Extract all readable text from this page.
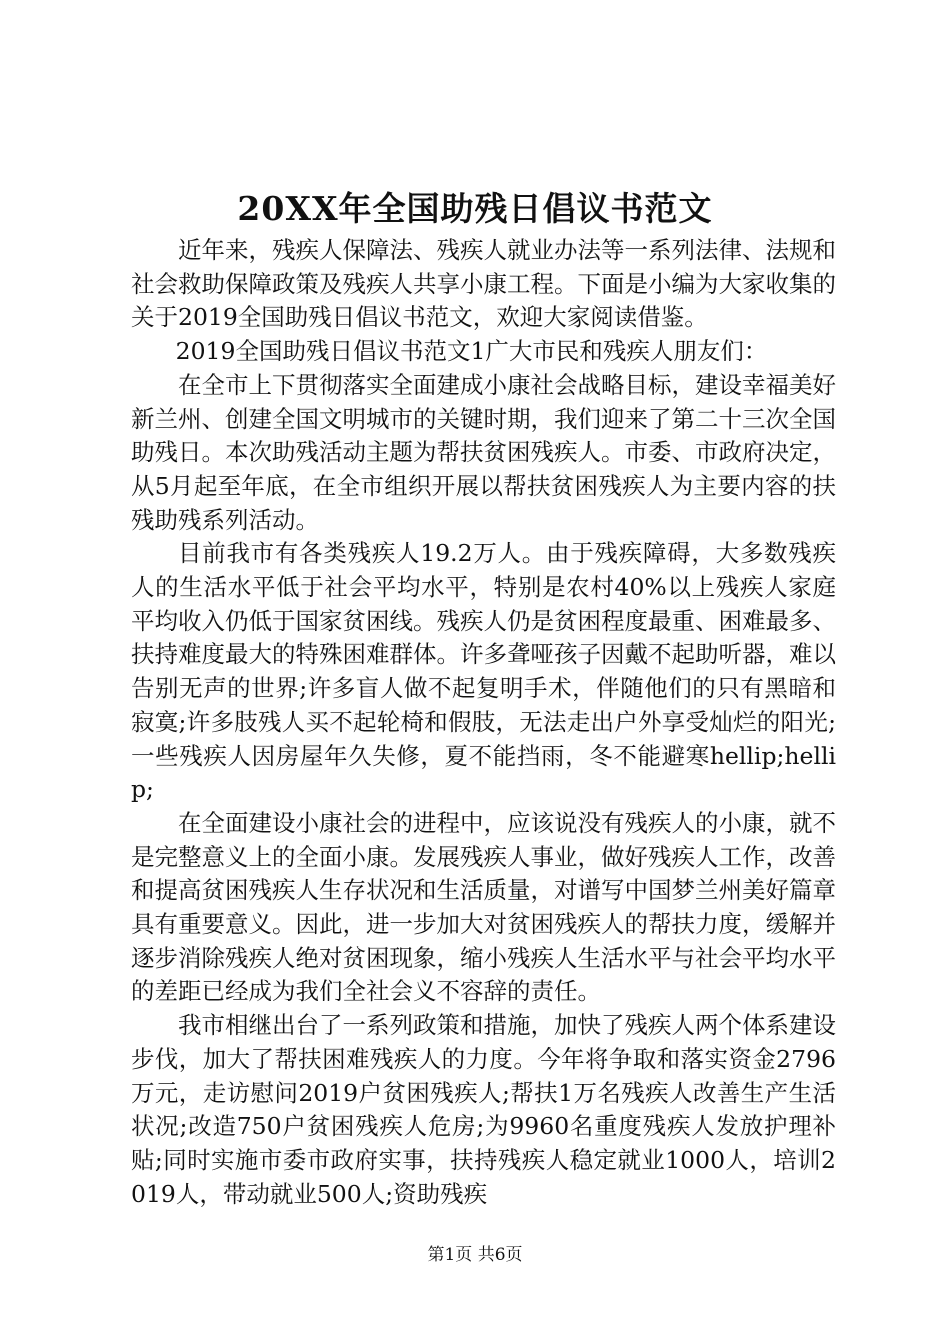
20XX年全国助残日倡议书范文

近年来，残疾人保障法、残疾人就业办法等一系列法律、法规和社会救助保障政策及残疾人共享小康工程。下面是小编为大家收集的关于2019全国助残日倡议书范文，欢迎大家阅读借鉴。

2019全国助残日倡议书范文1广大市民和残疾人朋友们：

在全市上下贯彻落实全面建成小康社会战略目标，建设幸福美好新兰州、创建全国文明城市的关键时期，我们迎来了第二十三次全国助残日。本次助残活动主题为帮扶贫困残疾人。市委、市政府决定，从5月起至年底，在全市组织开展以帮扶贫困残疾人为主要内容的扶残助残系列活动。

目前我市有各类残疾人19.2万人。由于残疾障碍，大多数残疾人的生活水平低于社会平均水平，特别是农村40%以上残疾人家庭平均收入仍低于国家贫困线。残疾人仍是贫困程度最重、困难最多、扶持难度最大的特殊困难群体。许多聋哑孩子因戴不起助听器，难以告别无声的世界;许多盲人做不起复明手术，伴随他们的只有黑暗和寂寞;许多肢残人买不起轮椅和假肢，无法走出户外享受灿烂的阳光;一些残疾人因房屋年久失修，夏不能挡雨，冬不能避寒hellip;hellip;

在全面建设小康社会的进程中，应该说没有残疾人的小康，就不是完整意义上的全面小康。发展残疾人事业，做好残疾人工作，改善和提高贫困残疾人生存状况和生活质量，对谱写中国梦兰州美好篇章具有重要意义。因此，进一步加大对贫困残疾人的帮扶力度，缓解并逐步消除残疾人绝对贫困现象，缩小残疾人生活水平与社会平均水平的差距已经成为我们全社会义不容辞的责任。

我市相继出台了一系列政策和措施，加快了残疾人两个体系建设步伐，加大了帮扶困难残疾人的力度。今年将争取和落实资金2796万元，走访慰问2019户贫困残疾人;帮扶1万名残疾人改善生产生活状况;改造750户贫困残疾人危房;为9960名重度残疾人发放护理补贴;同时实施市委市政府实事，扶持残疾人稳定就业1000人，培训2019人，带动就业500人;资助残疾

第1页 共6页
